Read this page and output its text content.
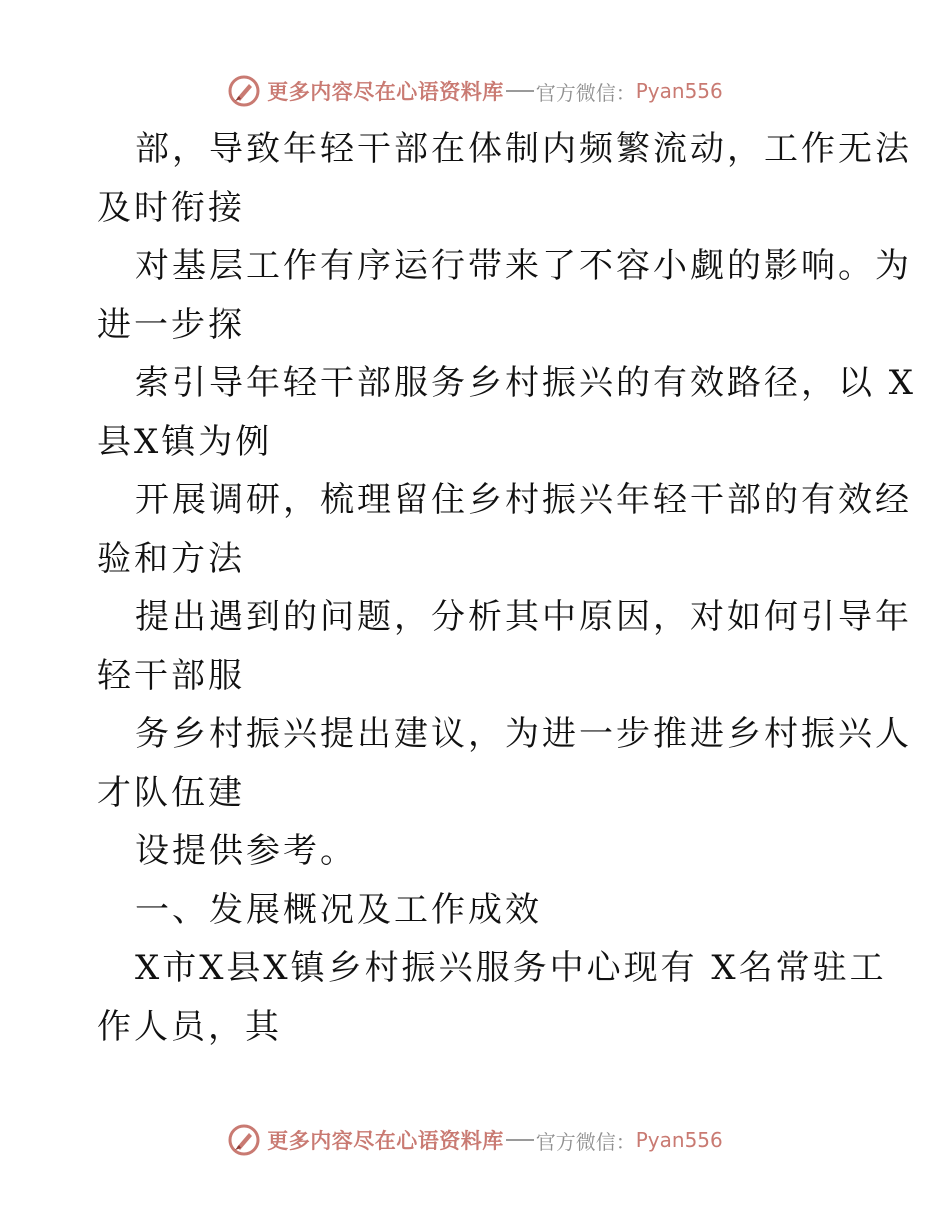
更多内容尽在心语资料库 官方微信： Pyan556
部，导致年轻干部在体制内频繁流动，工作无法
及时衔接
对基层工作有序运行带来了不容小觑的影响。为
进一步探
索引导年轻干部服务乡村振兴的有效路径，以 X
县X镇为例
开展调研，梳理留住乡村振兴年轻干部的有效经
验和方法
提出遇到的问题，分析其中原因，对如何引导年
轻干部服
务乡村振兴提出建议，为进一步推进乡村振兴人
才队伍建
设提供参考。
一、发展概况及工作成效
X市X县X镇乡村振兴服务中心现有 X名常驻工
作人员，其
更多内容尽在心语资料库 官方微信： Pyan556
